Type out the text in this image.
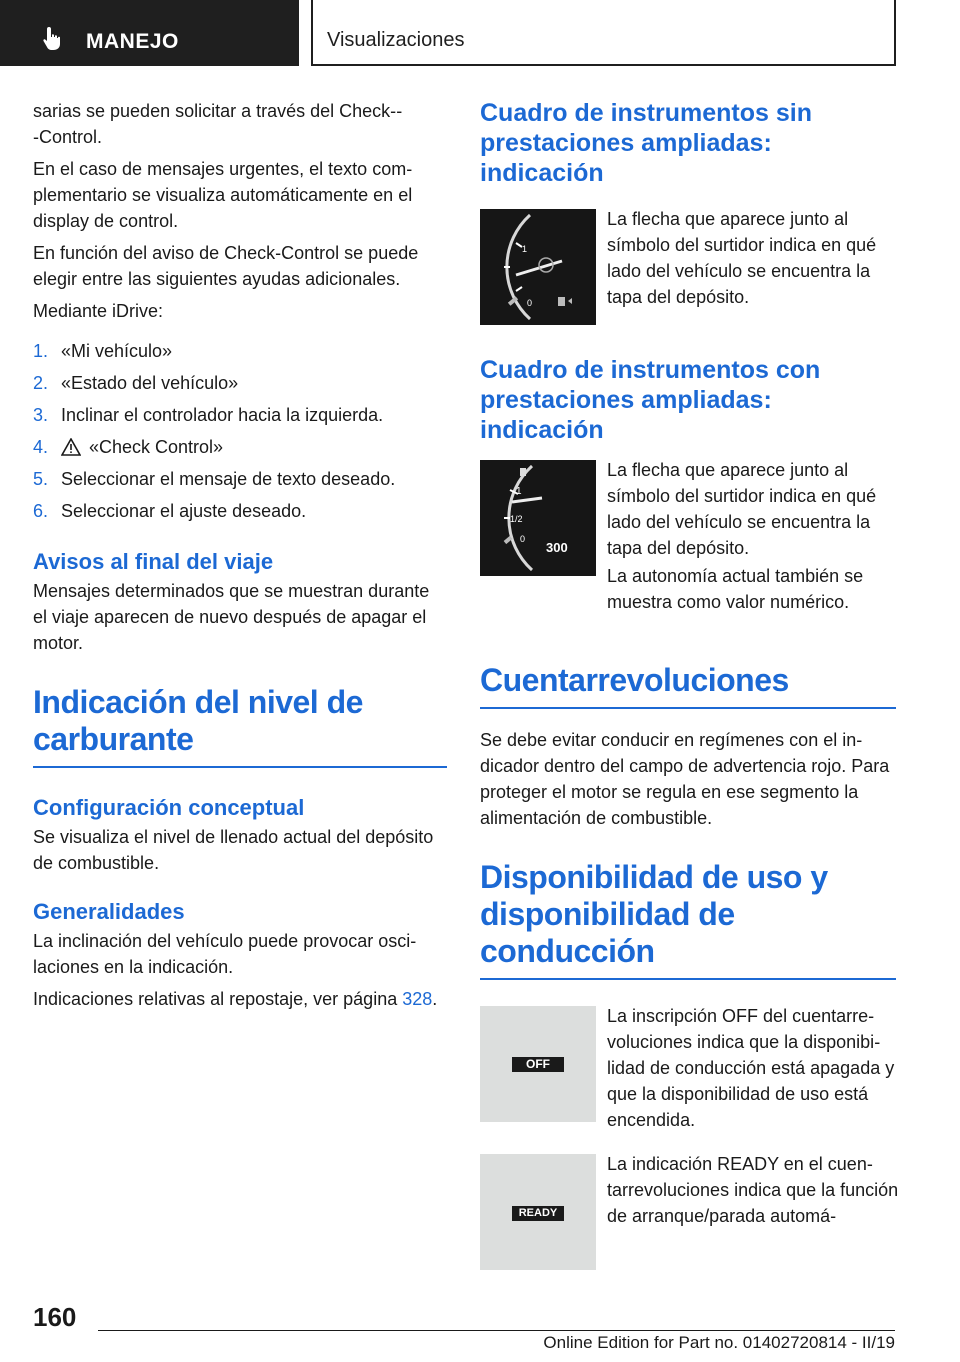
MANEJO	Visualizaciones

sarias se pueden solicitar a través del Check-‑Control.

En el caso de mensajes urgentes, el texto complementario se visualiza automáticamente en el display de control.

En función del aviso de Check-Control se puede elegir entre las siguientes ayudas adicionales.

Mediante iDrive:

1. «Mi vehículo»
2. «Estado del vehículo»
3. Inclinar el controlador hacia la izquierda.
4. «Check Control»
5. Seleccionar el mensaje de texto deseado.
6. Seleccionar el ajuste deseado.
Avisos al final del viaje

Mensajes determinados que se muestran durante el viaje aparecen de nuevo después de apagar el motor.

Indicación del nivel de carburante
Configuración conceptual

Se visualiza el nivel de llenado actual del depósito de combustible.

Generalidades

La inclinación del vehículo puede provocar oscilaciones en la indicación.

Indicaciones relativas al repostaje, ver página 328.

Cuadro de instrumentos sin prestaciones ampliadas: indicación
1
0

La flecha que aparece junto al símbolo del surtidor indica en qué lado del vehículo se encuentra la tapa del depósito.

Cuadro de instrumentos con prestaciones ampliadas: indicación
1
1/2
0
300

La flecha que aparece junto al símbolo del surtidor indica en qué lado del vehículo se encuentra la tapa del depósito.

La autonomía actual también se muestra como valor numérico.

Cuentarrevoluciones

Se debe evitar conducir en regímenes con el indicador dentro del campo de advertencia rojo. Para proteger el motor se regula en ese segmento la alimentación de combustible.

Disponibilidad de uso y disponibilidad de conducción
OFF

La inscripción OFF del cuentarrevoluciones indica que la disponibilidad de conducción está apagada y que la disponibilidad de uso está encendida.

READY

La indicación READY en el cuentarrevoluciones indica que la función de arranque/parada automá-

160
Online Edition for Part no. 01402720814 - II/19
